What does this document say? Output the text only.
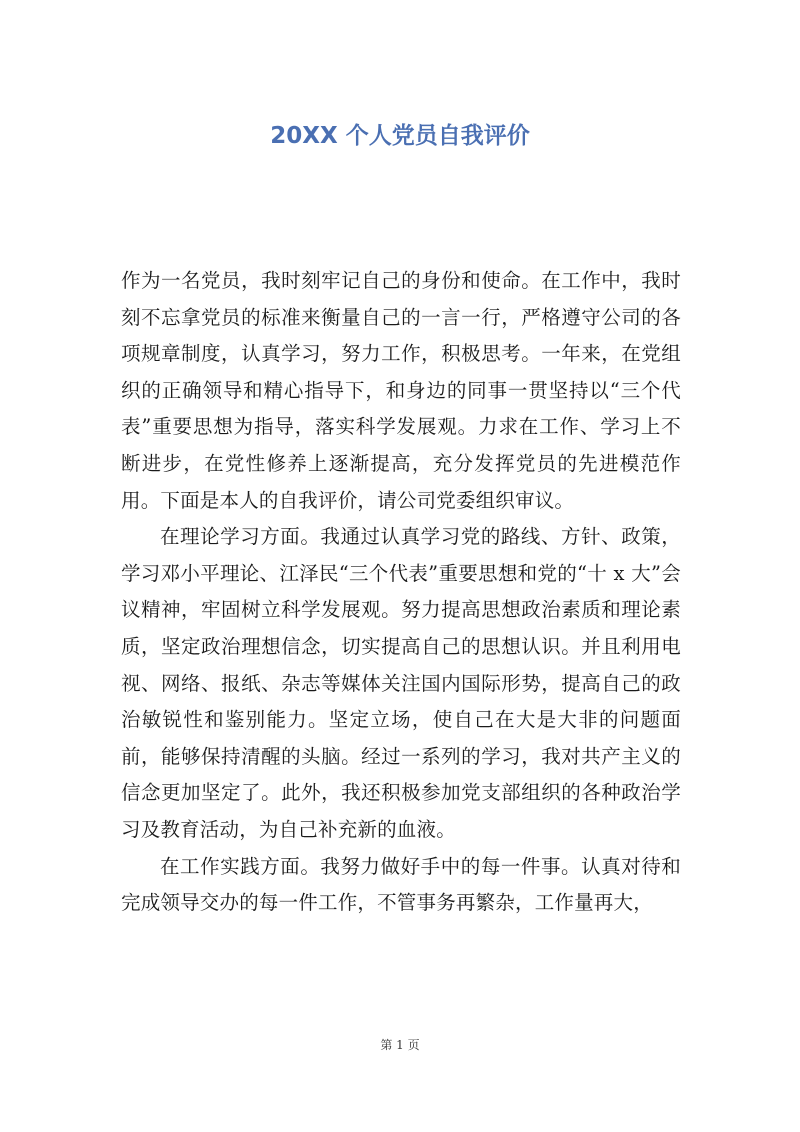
20XX 个人党员自我评价

作为一名党员，我时刻牢记自己的身份和使命。在工作中，我时刻不忘拿党员的标准来衡量自己的一言一行，严格遵守公司的各项规章制度，认真学习，努力工作，积极思考。一年来，在党组织的正确领导和精心指导下，和身边的同事一贯坚持以“三个代表”重要思想为指导，落实科学发展观。力求在工作、学习上不断进步，在党性修养上逐渐提高，充分发挥党员的先进模范作用。下面是本人的自我评价，请公司党委组织审议。

在理论学习方面。我通过认真学习党的路线、方针、政策，学习邓小平理论、江泽民“三个代表”重要思想和党的“十 x 大”会议精神，牢固树立科学发展观。努力提高思想政治素质和理论素质，坚定政治理想信念，切实提高自己的思想认识。并且利用电视、网络、报纸、杂志等媒体关注国内国际形势，提高自己的政治敏锐性和鉴别能力。坚定立场，使自己在大是大非的问题面前，能够保持清醒的头脑。经过一系列的学习，我对共产主义的信念更加坚定了。此外，我还积极参加党支部组织的各种政治学习及教育活动，为自己补充新的血液。

在工作实践方面。我努力做好手中的每一件事。认真对待和完成领导交办的每一件工作，不管事务再繁杂，工作量再大，

第 1 页
